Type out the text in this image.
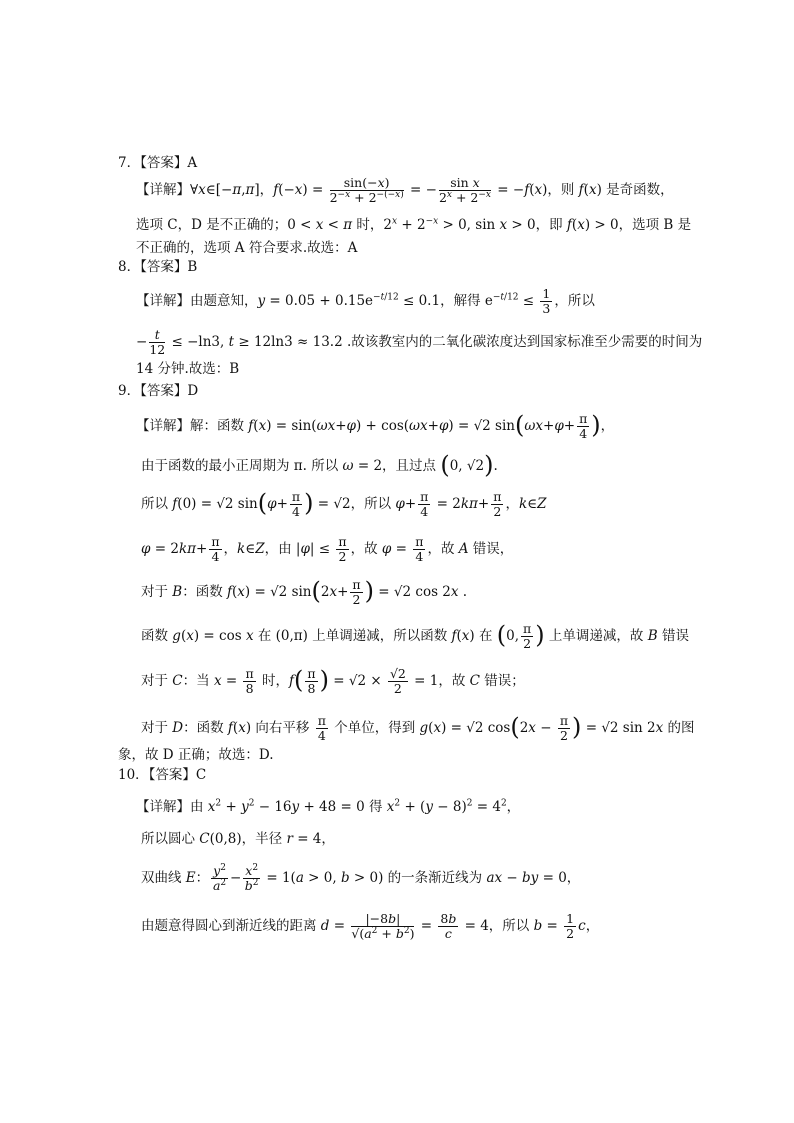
7．【答案】A
【详解】∀x∈[−π,π]，$f(-x) = \frac{\sin(-x)}{2^{-x} + 2^{-(-x)}}$ = − $\frac{\text{sin x}}{2^x + 2^{-x}} = -f(x)$，则 f(x) 是奇函数，
选项 C，D 是不正确的；0 < x < π 时，$2^x + 2^{-x} > 0$, sin x > 0，即 f(x) > 0，选项 B 是
不正确的，选项 A 符合要求.故选：A
8．【答案】B
【详解】由题意知，$y = 0.05 + 0.15e^{-t/12} \le 0.1$，解得 $e^{-t/12} \le \frac{1}{3}$ ，所以
− $\frac{t}{12} \le -\ln 3$, t ≥ 12ln3 ≈ 13.2 .故该教室内的二氧化碳浓度达到国家标准至少需要的时间为
14 分钟.故选：B
9．【答案】D
【详解】解：函数 f(x) = sin(ωx+φ) + cos(ωx+φ) = √2 $\sin(\omega x+\varphi+ \frac{\pi}{4}$ )，
由于函数的最小正周期为 π. 所以 ω = 2，且过点 (0, √2).
所以 f(0) = √2 $\sin(\varphi+ \frac{\pi}{4}$ ) = √2，所以 $\varphi+ \frac{\pi}{4} = 2k\pi+ \frac{\pi}{2}$ ，k∈Z
$\varphi = 2k\pi+ \frac{\pi}{4}$ ，k∈Z，由 $|\varphi| \le \frac{\pi}{2}$ ，故 $\varphi = \frac{\pi}{4}$ ，故 A 错误，
对于 B：函数 f(x) = √2 $\sin(2x+ \frac{\pi}{2}$ ) = √2 cos 2x .
函数 g(x) = cos x 在 (0,π) 上单调递减，所以函数 f(x) 在 (0, $\frac{\pi}{2}$ ) 上单调递减，故 B 错误
对于 C：当 $x = \frac{\pi}{8}$ 时，$f( \frac{\pi}{8}$ ) = $√2 \times \frac{√2}{2} = 1$，故 C 错误；
对于 D：函数 f(x) 向右平移 $\frac{\pi}{4}$ 个单位，得到 g(x) = √2 $\cos(2x - \frac{\pi}{2}$ ) = √2 sin 2x 的图
象，故 D 正确；故选：D.
10．【答案】C
【详解】由 $x^2 + y^2 - 16y + 48 = 0$ 得 $x^2 + (y - 8)^2 = 4^2$，
所以圆心 C(0,8)，半径 r = 4，
双曲线 E： $\frac{y^2}{a^2} - \frac{x^2}{b^2} = 1(a > 0$, b > 0) 的一条渐近线为 ax − by = 0，
由题意得圆心到渐近线的距离 $d = \frac{|-8b|}{√(a^2 + b^2)} = \frac{8b}{c} = 4$，所以 $b = \frac{1}{2}$ c，
